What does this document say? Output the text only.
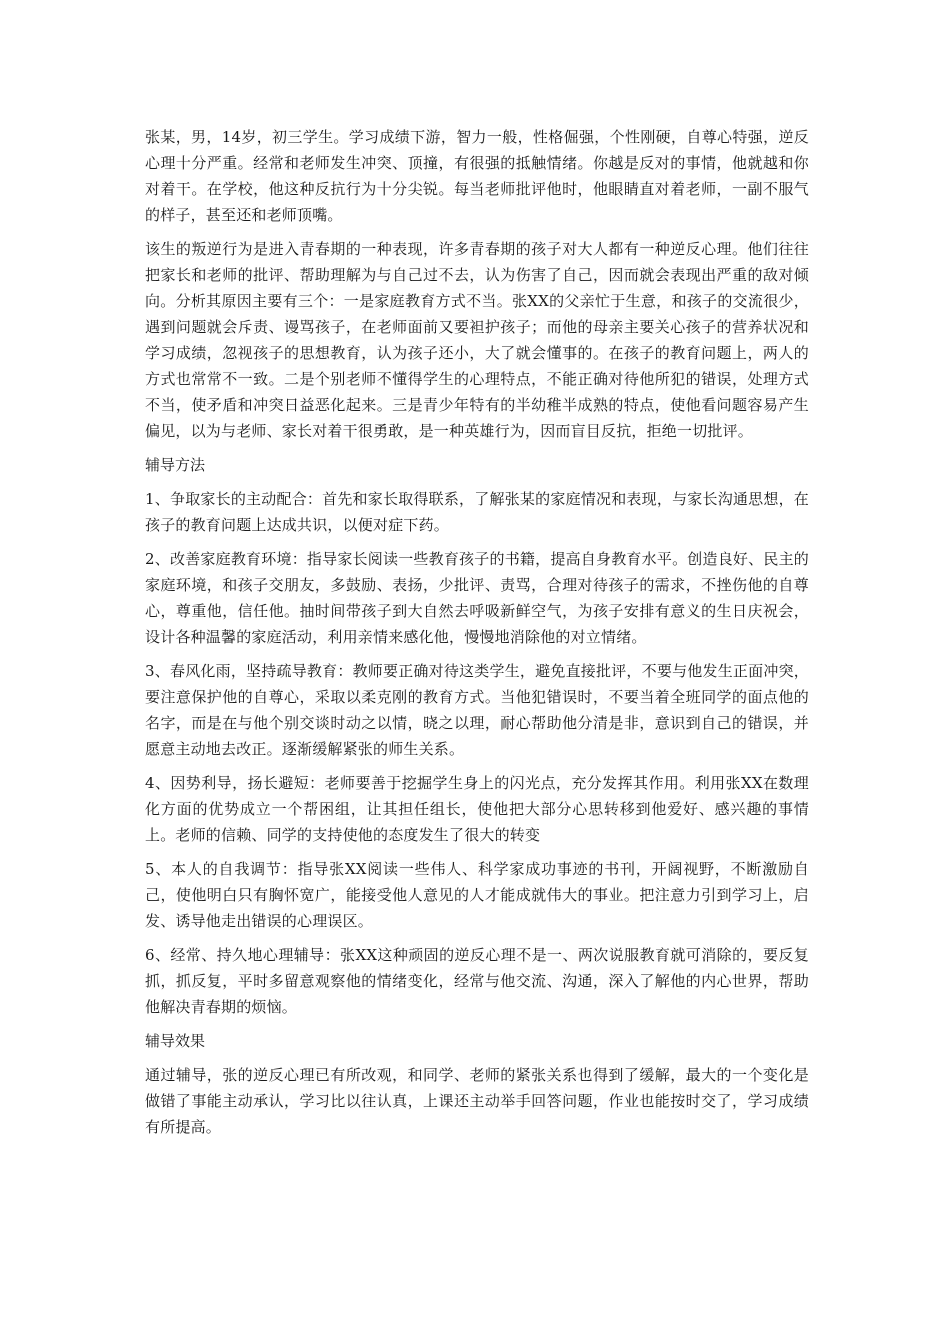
张某，男，14岁，初三学生。学习成绩下游，智力一般，性格倔强，个性刚硬，自尊心特强，逆反心理十分严重。经常和老师发生冲突、顶撞，有很强的抵触情绪。你越是反对的事情，他就越和你对着干。在学校，他这种反抗行为十分尖锐。每当老师批评他时，他眼睛直对着老师，一副不服气的样子，甚至还和老师顶嘴。

该生的叛逆行为是进入青春期的一种表现，许多青春期的孩子对大人都有一种逆反心理。他们往往把家长和老师的批评、帮助理解为与自己过不去，认为伤害了自己，因而就会表现出严重的敌对倾向。分析其原因主要有三个：一是家庭教育方式不当。张XX的父亲忙于生意，和孩子的交流很少，遇到问题就会斥责、谩骂孩子，在老师面前又要袒护孩子；而他的母亲主要关心孩子的营养状况和学习成绩，忽视孩子的思想教育，认为孩子还小，大了就会懂事的。在孩子的教育问题上，两人的方式也常常不一致。二是个别老师不懂得学生的心理特点，不能正确对待他所犯的错误，处理方式不当，使矛盾和冲突日益恶化起来。三是青少年特有的半幼稚半成熟的特点，使他看问题容易产生偏见，以为与老师、家长对着干很勇敢，是一种英雄行为，因而盲目反抗，拒绝一切批评。

辅导方法

1、争取家长的主动配合：首先和家长取得联系，了解张某的家庭情况和表现，与家长沟通思想，在孩子的教育问题上达成共识，以便对症下药。

2、改善家庭教育环境：指导家长阅读一些教育孩子的书籍，提高自身教育水平。创造良好、民主的家庭环境，和孩子交朋友，多鼓励、表扬，少批评、责骂，合理对待孩子的需求，不挫伤他的自尊心，尊重他，信任他。抽时间带孩子到大自然去呼吸新鲜空气，为孩子安排有意义的生日庆祝会，设计各种温馨的家庭活动，利用亲情来感化他，慢慢地消除他的对立情绪。

3、春风化雨，坚持疏导教育：教师要正确对待这类学生，避免直接批评，不要与他发生正面冲突，要注意保护他的自尊心，采取以柔克刚的教育方式。当他犯错误时，不要当着全班同学的面点他的名字，而是在与他个别交谈时动之以情，晓之以理，耐心帮助他分清是非，意识到自己的错误，并愿意主动地去改正。逐渐缓解紧张的师生关系。

4、因势利导，扬长避短：老师要善于挖掘学生身上的闪光点，充分发挥其作用。利用张XX在数理化方面的优势成立一个帮困组，让其担任组长，使他把大部分心思转移到他爱好、感兴趣的事情上。老师的信赖、同学的支持使他的态度发生了很大的转变

5、本人的自我调节：指导张XX阅读一些伟人、科学家成功事迹的书刊，开阔视野，不断激励自己，使他明白只有胸怀宽广，能接受他人意见的人才能成就伟大的事业。把注意力引到学习上，启发、诱导他走出错误的心理误区。

6、经常、持久地心理辅导：张XX这种顽固的逆反心理不是一、两次说服教育就可消除的，要反复抓，抓反复，平时多留意观察他的情绪变化，经常与他交流、沟通，深入了解他的内心世界，帮助他解决青春期的烦恼。

辅导效果

通过辅导，张的逆反心理已有所改观，和同学、老师的紧张关系也得到了缓解，最大的一个变化是做错了事能主动承认，学习比以往认真，上课还主动举手回答问题，作业也能按时交了，学习成绩有所提高。
